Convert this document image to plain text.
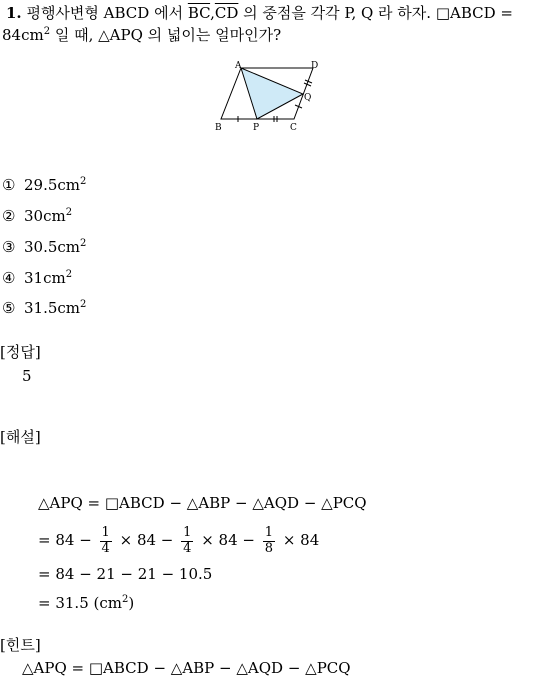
1. 평행사변형 ABCD 에서 $\overline{BC},\overline{CD}$ 의 중점을 각각 P, Q 라 하자. □ABCD =
$84cm^2$ 일 때, △APQ 의 넓이는 얼마인가?
A	D
Q
B	P	C
① $29.5cm^2$
② $30cm^2$
③ $30.5cm^2$
④ $31cm^2$
⑤ $31.5cm^2$
[정답]
5
[해설]
△APQ = □ABCD − △ABP − △AQD − △PCQ
= $84 - \frac{1}{4} \times 84 - \frac{1}{4} \times 84 - \frac{1}{8} \times 84$
= 84 − 21 − 21 − 10.5
= 31.5 $(cm^2)$
[힌트]
△APQ = □ABCD − △ABP − △AQD − △PCQ
